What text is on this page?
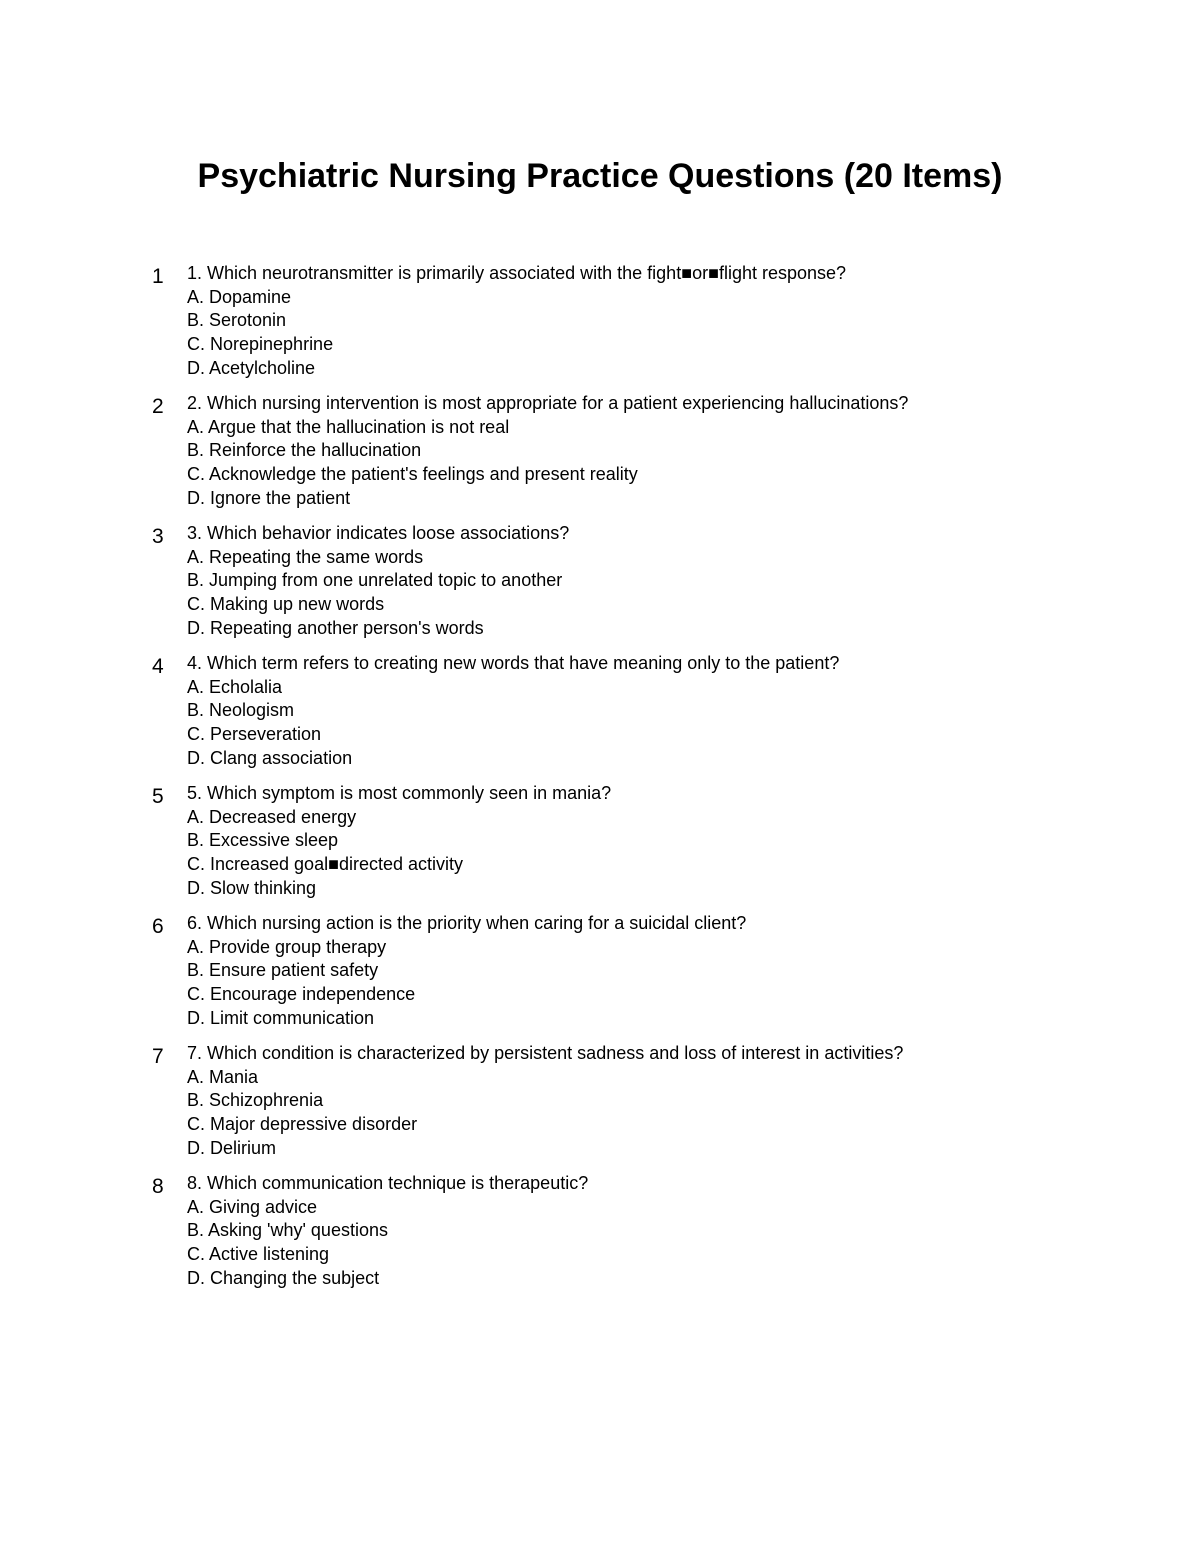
Psychiatric Nursing Practice Questions (20 Items)
1	1. Which neurotransmitter is primarily associated with the fight■or■flight response?
A. Dopamine
B. Serotonin
C. Norepinephrine
D. Acetylcholine
2	2. Which nursing intervention is most appropriate for a patient experiencing hallucinations?
A. Argue that the hallucination is not real
B. Reinforce the hallucination
C. Acknowledge the patient's feelings and present reality
D. Ignore the patient
3	3. Which behavior indicates loose associations?
A. Repeating the same words
B. Jumping from one unrelated topic to another
C. Making up new words
D. Repeating another person's words
4	4. Which term refers to creating new words that have meaning only to the patient?
A. Echolalia
B. Neologism
C. Perseveration
D. Clang association
5	5. Which symptom is most commonly seen in mania?
A. Decreased energy
B. Excessive sleep
C. Increased goal■directed activity
D. Slow thinking
6	6. Which nursing action is the priority when caring for a suicidal client?
A. Provide group therapy
B. Ensure patient safety
C. Encourage independence
D. Limit communication
7	7. Which condition is characterized by persistent sadness and loss of interest in activities?
A. Mania
B. Schizophrenia
C. Major depressive disorder
D. Delirium
8	8. Which communication technique is therapeutic?
A. Giving advice
B. Asking 'why' questions
C. Active listening
D. Changing the subject
